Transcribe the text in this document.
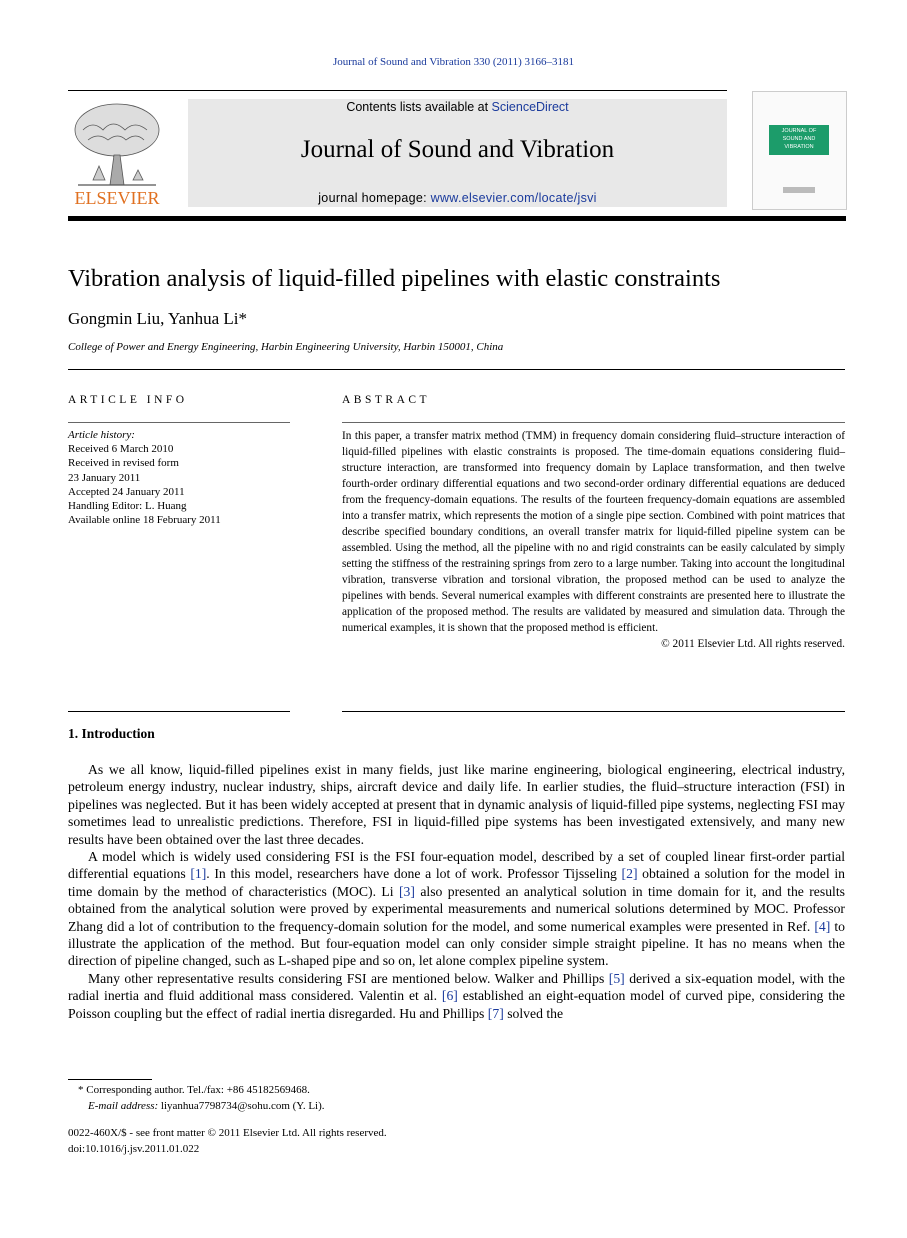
Journal of Sound and Vibration 330 (2011) 3166–3181
ELSEVIER
Contents lists available at ScienceDirect
Journal of Sound and Vibration
journal homepage: www.elsevier.com/locate/jsvi
JOURNAL OF
SOUND AND
VIBRATION
Vibration analysis of liquid-filled pipelines with elastic constraints
Gongmin Liu, Yanhua Li*
College of Power and Energy Engineering, Harbin Engineering University, Harbin 150001, China
ARTICLE INFO
Article history:
Received 6 March 2010
Received in revised form
23 January 2011
Accepted 24 January 2011
Handling Editor: L. Huang
Available online 18 February 2011
ABSTRACT
In this paper, a transfer matrix method (TMM) in frequency domain considering fluid–structure interaction of liquid-filled pipelines with elastic constraints is proposed. The time-domain equations considering fluid–structure interaction, are transformed into frequency domain by Laplace transformation, and then twelve fourth-order ordinary differential equations and two second-order ordinary differential equations are deduced from the frequency-domain equations. The results of the fourteen frequency-domain equations are assembled into a transfer matrix, which represents the motion of a single pipe section. Combined with point matrices that describe specified boundary conditions, an overall transfer matrix for liquid-filled pipeline system can be assembled. Using the method, all the pipeline with no and rigid constraints can be easily calculated by simply setting the stiffness of the restraining springs from zero to a large number. Taking into account the longitudinal vibration, transverse vibration and torsional vibration, the proposed method can be used to analyze the pipelines with bends. Several numerical examples with different constraints are presented here to illustrate the application of the proposed method. The results are validated by measured and simulation data. Through the numerical examples, it is shown that the proposed method is efficient.
© 2011 Elsevier Ltd. All rights reserved.
1. Introduction

As we all know, liquid-filled pipelines exist in many fields, just like marine engineering, biological engineering, electrical industry, petroleum energy industry, nuclear industry, ships, aircraft device and daily life. In earlier studies, the fluid–structure interaction (FSI) in pipelines was neglected. But it has been widely accepted at present that in dynamic analysis of liquid-filled pipe systems, neglecting FSI may sometimes lead to unrealistic predictions. Therefore, FSI in liquid-filled pipe systems has been investigated extensively, and many new results have been obtained over the last three decades.

A model which is widely used considering FSI is the FSI four-equation model, described by a set of coupled linear first-order partial differential equations [1]. In this model, researchers have done a lot of work. Professor Tijsseling [2] obtained a solution for the model in time domain by the method of characteristics (MOC). Li [3] also presented an analytical solution in time domain for it, and the results obtained from the analytical solution were proved by experimental measurements and numerical solutions determined by MOC. Professor Zhang did a lot of contribution to the frequency-domain solution for the model, and some numerical examples were presented in Ref. [4] to illustrate the application of the method. But four-equation model can only consider simple straight pipeline. It has no means when the direction of pipeline changed, such as L-shaped pipe and so on, let alone complex pipeline system.

Many other representative results considering FSI are mentioned below. Walker and Phillips [5] derived a six-equation model, with the radial inertia and fluid additional mass considered. Valentin et al. [6] established an eight-equation model of curved pipe, considering the Poisson coupling but the effect of radial inertia disregarded. Hu and Phillips [7] solved the

* Corresponding author. Tel./fax: +86 45182569468.
E-mail address: liyanhua7798734@sohu.com (Y. Li).
0022-460X/$ - see front matter © 2011 Elsevier Ltd. All rights reserved.
doi:10.1016/j.jsv.2011.01.022
